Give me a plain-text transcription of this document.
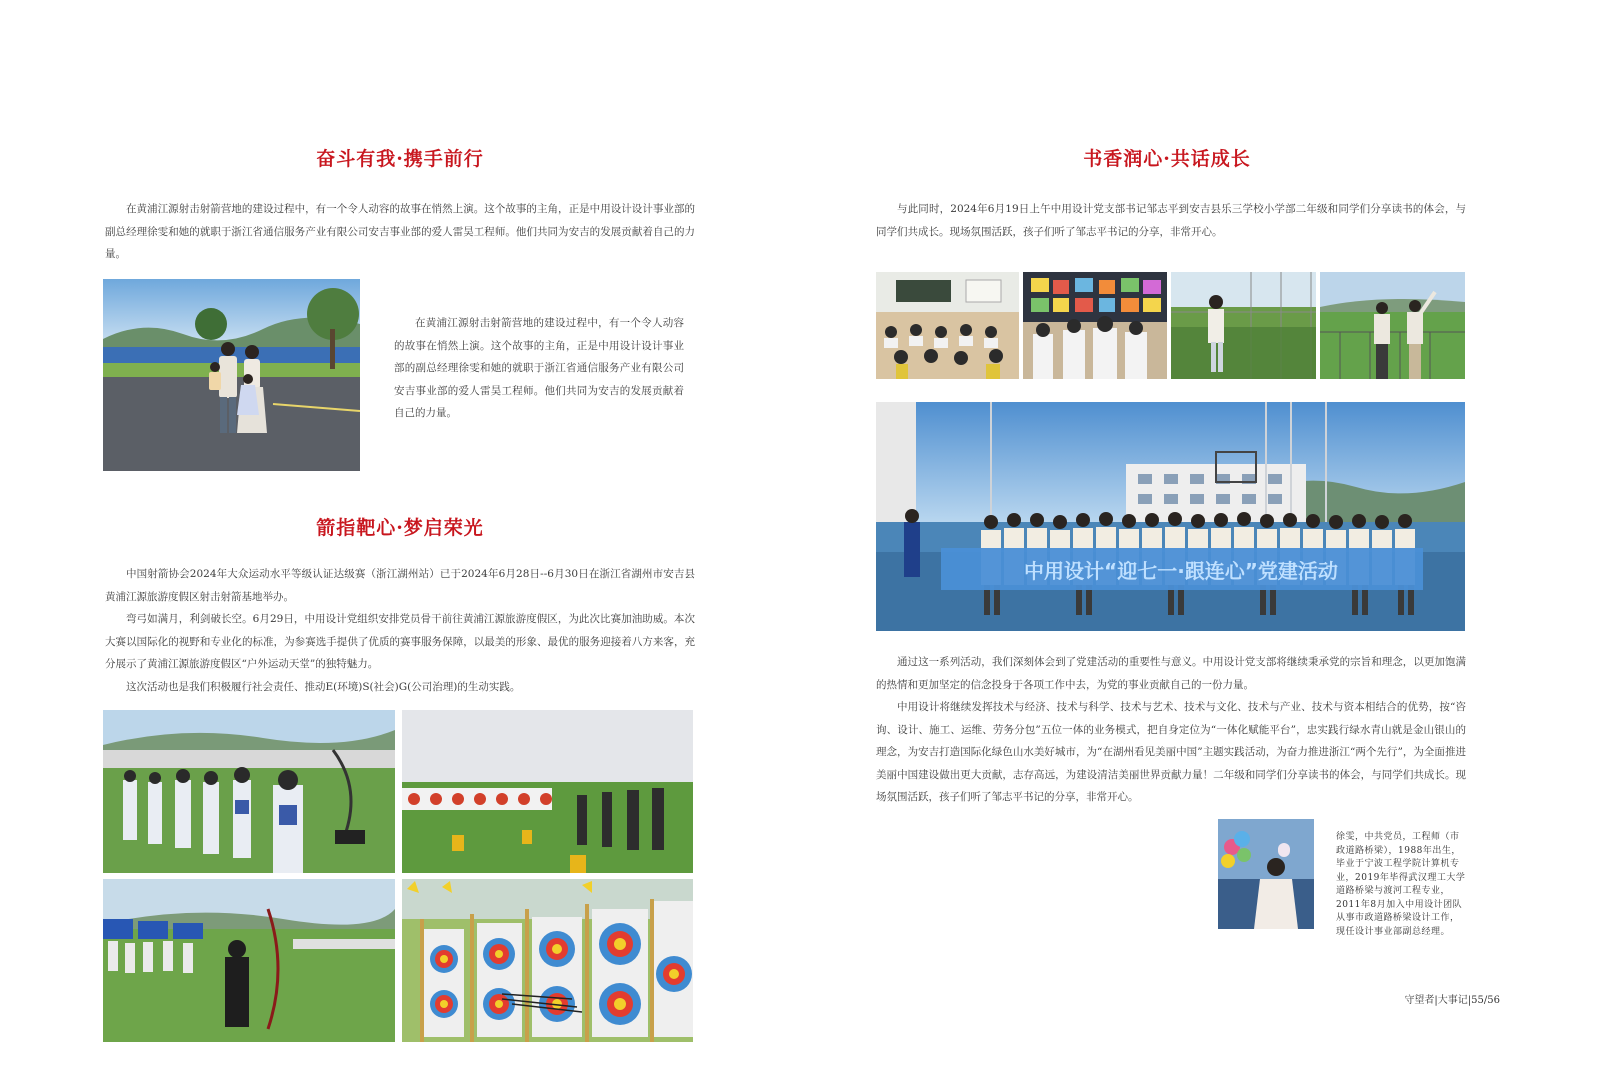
奋斗有我·携手前行

在黄浦江源射击射箭营地的建设过程中，有一个令人动容的故事在悄然上演。这个故事的主角，正是中用设计设计事业部的副总经理徐雯和她的就职于浙江省通信服务产业有限公司安吉事业部的爱人雷昊工程师。他们共同为安吉的发展贡献着自己的力量。

在黄浦江源射击射箭营地的建设过程中，有一个令人动容的故事在悄然上演。这个故事的主角，正是中用设计设计事业部的副总经理徐雯和她的就职于浙江省通信服务产业有限公司安吉事业部的爱人雷昊工程师。他们共同为安吉的发展贡献着自己的力量。

箭指靶心·梦启荣光

中国射箭协会2024年大众运动水平等级认证达级赛（浙江湖州站）已于2024年6月28日--6月30日在浙江省湖州市安吉县黄浦江源旅游度假区射击射箭基地举办。

弯弓如满月，利剑破长空。6月29日，中用设计党组织安排党员骨干前往黄浦江源旅游度假区，为此次比赛加油助威。本次大赛以国际化的视野和专业化的标准，为参赛选手提供了优质的赛事服务保障，以最美的形象、最优的服务迎接着八方来客，充分展示了黄浦江源旅游度假区“户外运动天堂”的独特魅力。

这次活动也是我们积极履行社会责任、推动E(环境)S(社会)G(公司治理)的生动实践。

书香润心·共话成长

与此同时，2024年6月19日上午中用设计党支部书记邹志平到安吉县乐三学校小学部二年级和同学们分享读书的体会，与同学们共成长。现场氛围活跃，孩子们听了邹志平书记的分享，非常开心。

中用设计“迎七一·跟连心”党建活动

通过这一系列活动，我们深刻体会到了党建活动的重要性与意义。中用设计党支部将继续秉承党的宗旨和理念，以更加饱满的热情和更加坚定的信念投身于各项工作中去，为党的事业贡献自己的一份力量。

中用设计将继续发挥技术与经济、技术与科学、技术与艺术、技术与文化、技术与产业、技术与资本相结合的优势，按“咨询、设计、施工、运维、劳务分包”五位一体的业务模式，把自身定位为“一体化赋能平台”，忠实践行绿水青山就是金山银山的理念，为安吉打造国际化绿色山水美好城市，为“在湖州看见美丽中国”主题实践活动，为奋力推进浙江“两个先行”，为全面推进美丽中国建设做出更大贡献，志存高远，为建设清洁美丽世界贡献力量！二年级和同学们分享读书的体会，与同学们共成长。现场氛围活跃，孩子们听了邹志平书记的分享，非常开心。

徐雯，中共党员，工程师（市政道路桥梁），1988年出生，毕业于宁波工程学院计算机专业，2019年毕得武汉理工大学道路桥梁与渡河工程专业，2011年8月加入中用设计团队从事市政道路桥梁设计工作，现任设计事业部副总经理。
守望者|大事记|55/56
